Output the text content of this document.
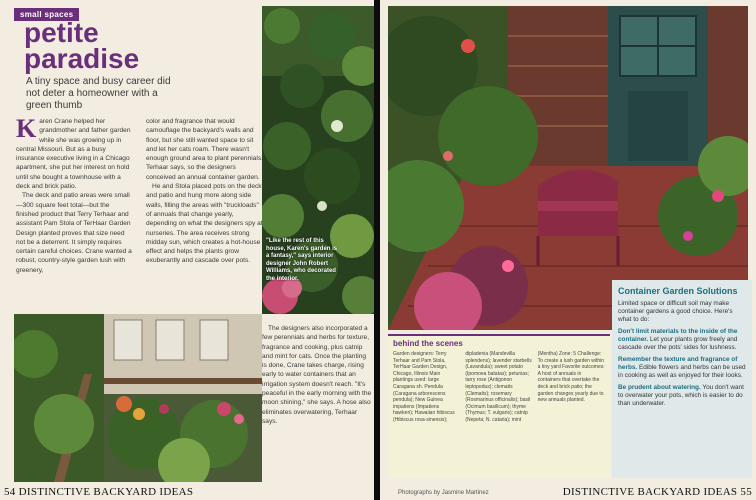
small spaces
petite
paradise
A tiny space and busy career did not deter a homeowner with a green thumb
"Like the rest of this house, Karen's garden is a fantasy," says interior designer John Robert Williams, who decorated the interior.

Karen Crane helped her grandmother and father garden while she was growing up in central Missouri. But as a busy insurance executive living in a Chicago apartment, she put her interest on hold until she bought a townhouse with a deck and brick patio.

The deck and patio areas were small—300 square feet total—but the finished product that Terry Terhaar and assistant Pam Stola of TerHaar Garden Design planted proves that size need not be a deterrent. It simply requires certain careful choices. Crane wanted a robust, country-style garden lush with greenery,

color and fragrance that would camouflage the backyard's walls and floor, but she still wanted space to sit and let her cats roam. There wasn't enough ground area to plant perennials, Terhaar says, so the designers conceived an annual container garden.

He and Stola placed pots on the deck and patio and hung more along side walls, filling the areas with "truckloads" of annuals that change yearly, depending on what the designers spy at nurseries. The area receives strong midday sun, which creates a hot-house effect and helps the plants grow exuberantly and cascade over pots.

The designers also incorporated a few perennials and herbs for texture, fragrance and cooking, plus catnip and mint for cats. Once the planting is done, Crane takes charge, rising early to water containers that an irrigation system doesn't reach. "It's peaceful in the early morning with the moon shining," she says. A hose also eliminates overwatering, Terhaar says.

54 DISTINCTIVE BACKYARD IDEAS
Container Garden Solutions

Limited space or difficult soil may make container gardens a good choice. Here's what to do:

Don't limit materials to the inside of the container. Let your plants grow freely and cascade over the pots' sides for lushness.

Remember the texture and fragrance of herbs. Edible flowers and herbs can be used in cooking as well as enjoyed for their looks.

Be prudent about watering. You don't want to overwater your pots, which is easier to do than underwater.

behind the scenes

Garden designers: Terry Terhaar and Pam Stola, TerHaar Garden Design, Chicago, Illinois Main plantings used: large Caragana sh. Pendula (Caragana arborescens pendula); New Guinea impatiens (Impatiens hawkeri); Hawaiian hibiscus (Hibiscus rosa-sinensis);

dipladenia (Mandevilla splendens); lavender starbells (Lavandula); sweet potato (Ipomoea batatas); petunias; tarry rose (Antigonon leptopedus); clematis (Clematis); rosemary (Rosmarinus officinalis); basil (Ocimum basilicum); thyme (Thymus; T. vulgaris); catnip (Nepeta; N. cataria); mint

(Mentha) Zone: 5 Challenge: To create a lush garden within a tiny yard Favorite outcomes: A host of annuals in containers that overtake the deck and brick patio; the garden changes yearly due to new annuals planted.

Photographs by Jasmine Martinez	DISTINCTIVE BACKYARD IDEAS 55
